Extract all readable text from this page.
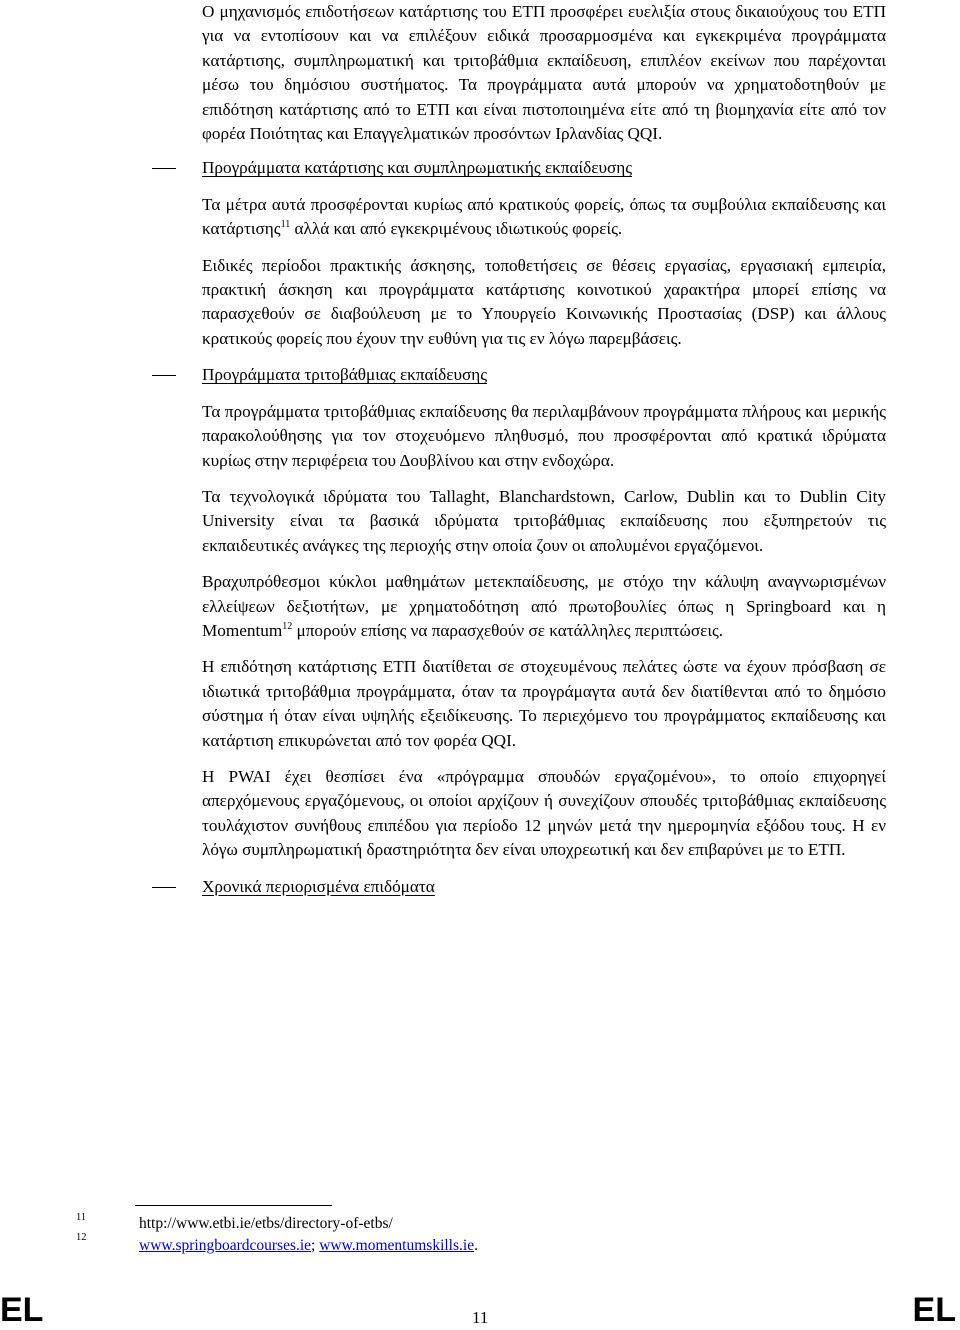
Ο μηχανισμός επιδοτήσεων κατάρτισης του ΕΤΠ προσφέρει ευελιξία στους δικαιούχους του ΕΤΠ για να εντοπίσουν και να επιλέξουν ειδικά προσαρμοσμένα και εγκεκριμένα προγράμματα κατάρτισης, συμπληρωματική και τριτοβάθμια εκπαίδευση, επιπλέον εκείνων που παρέχονται μέσω του δημόσιου συστήματος. Τα προγράμματα αυτά μπορούν να χρηματοδοτηθούν με επιδότηση κατάρτισης από το ΕΤΠ και είναι πιστοποιημένα είτε από τη βιομηχανία είτε από τον φορέα Ποιότητας και Επαγγελματικών προσόντων Ιρλανδίας QQI.

Προγράμματα κατάρτισης και συμπληρωματικής εκπαίδευσης

Τα μέτρα αυτά προσφέρονται κυρίως από κρατικούς φορείς, όπως τα συμβούλια εκπαίδευσης και κατάρτισης$^{11}$ αλλά και από εγκεκριμένους ιδιωτικούς φορείς.

Ειδικές περίοδοι πρακτικής άσκησης, τοποθετήσεις σε θέσεις εργασίας, εργασιακή εμπειρία, πρακτική άσκηση και προγράμματα κατάρτισης κοινοτικού χαρακτήρα μπορεί επίσης να παρασχεθούν σε διαβούλευση με το Υπουργείο Κοινωνικής Προστασίας (DSP) και άλλους κρατικούς φορείς που έχουν την ευθύνη για τις εν λόγω παρεμβάσεις.

Προγράμματα τριτοβάθμιας εκπαίδευσης

Τα προγράμματα τριτοβάθμιας εκπαίδευσης θα περιλαμβάνουν προγράμματα πλήρους και μερικής παρακολούθησης για τον στοχευόμενο πληθυσμό, που προσφέρονται από κρατικά ιδρύματα κυρίως στην περιφέρεια του Δουβλίνου και στην ενδοχώρα.

Τα τεχνολογικά ιδρύματα του Tallaght, Blanchardstown, Carlow, Dublin και το Dublin City University είναι τα βασικά ιδρύματα τριτοβάθμιας εκπαίδευσης που εξυπηρετούν τις εκπαιδευτικές ανάγκες της περιοχής στην οποία ζουν οι απολυμένοι εργαζόμενοι.

Βραχυπρόθεσμοι κύκλοι μαθημάτων μετεκπαίδευσης, με στόχο την κάλυψη αναγνωρισμένων ελλείψεων δεξιοτήτων, με χρηματοδότηση από πρωτοβουλίες όπως η Springboard και η Momentum$^{12}$ μπορούν επίσης να παρασχεθούν σε κατάλληλες περιπτώσεις.

Η επιδότηση κατάρτισης ΕΤΠ διατίθεται σε στοχευμένους πελάτες ώστε να έχουν πρόσβαση σε ιδιωτικά τριτοβάθμια προγράμματα, όταν τα προγράμαγτα αυτά δεν διατίθενται από το δημόσιο σύστημα ή όταν είναι υψηλής εξειδίκευσης. Το περιεχόμενο του προγράμματος εκπαίδευσης και κατάρτιση επικυρώνεται από τον φορέα QQI.

Η PWAI έχει θεσπίσει ένα «πρόγραμμα σπουδών εργαζομένου», το οποίο επιχορηγεί απερχόμενους εργαζόμενους, οι οποίοι αρχίζουν ή συνεχίζουν σπουδές τριτοβάθμιας εκπαίδευσης τουλάχιστον συνήθους επιπέδου για περίοδο 12 μηνών μετά την ημερομηνία εξόδου τους. Η εν λόγω συμπληρωματική δραστηριότητα δεν είναι υποχρεωτική και δεν επιβαρύνει με το ΕΤΠ.

Χρονικά περιορισμένα επιδόματα

11	http://www.etbi.ie/etbs/directory-of-etbs/
12	www.springboardcourses.ie; www.momentumskills.ie.
EL	11	EL
